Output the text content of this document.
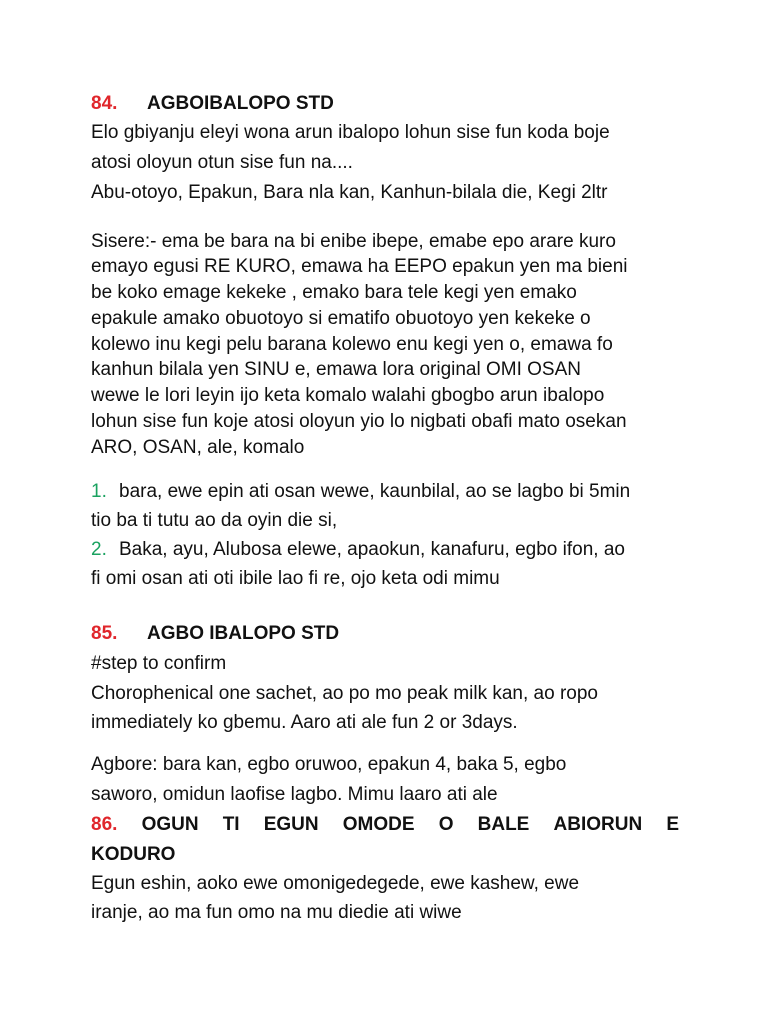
84. AGBOIBALOPO STD
Elo gbiyanju eleyi wona arun ibalopo lohun sise fun koda boje
atosi oloyun otun sise fun na....
Abu-otoyo, Epakun, Bara nla kan, Kanhun-bilala die, Kegi 2ltr
Sisere:- ema be bara na bi enibe ibepe, emabe epo arare kuro
emayo egusi RE KURO, emawa ha EEPO epakun yen ma bieni
be koko emage kekeke , emako bara tele kegi yen emako
epakule amako obuotoyo si ematifo obuotoyo yen kekeke o
kolewo inu kegi pelu barana kolewo enu kegi yen o, emawa fo
kanhun bilala yen SINU e, emawa lora original OMI OSAN
wewe le lori leyin ijo keta komalo walahi gbogbo arun ibalopo
lohun sise fun koje atosi oloyun yio lo nigbati obafi mato osekan
ARO, OSAN, ale, komalo
1. bara, ewe epin ati osan wewe, kaunbilal, ao se lagbo bi 5min
tio ba ti tutu ao da oyin die si,
2. Baka, ayu, Alubosa elewe, apaokun, kanafuru, egbo ifon, ao
fi omi osan ati oti ibile lao fi re, ojo keta odi mimu
85. AGBO IBALOPO STD
#step to confirm
Chorophenical one sachet, ao po mo peak milk kan, ao ropo
immediately ko gbemu. Aaro ati ale fun 2 or 3days.
Agbore: bara kan, egbo oruwoo, epakun 4, baka 5, egbo
saworo, omidun laofise lagbo. Mimu laaro ati ale
86. OGUN TI EGUN OMODE O BALE ABIORUN E
KODURO
Egun eshin, aoko ewe omonigedegede, ewe kashew, ewe
iranje, ao ma fun omo na mu diedie ati wiwe
